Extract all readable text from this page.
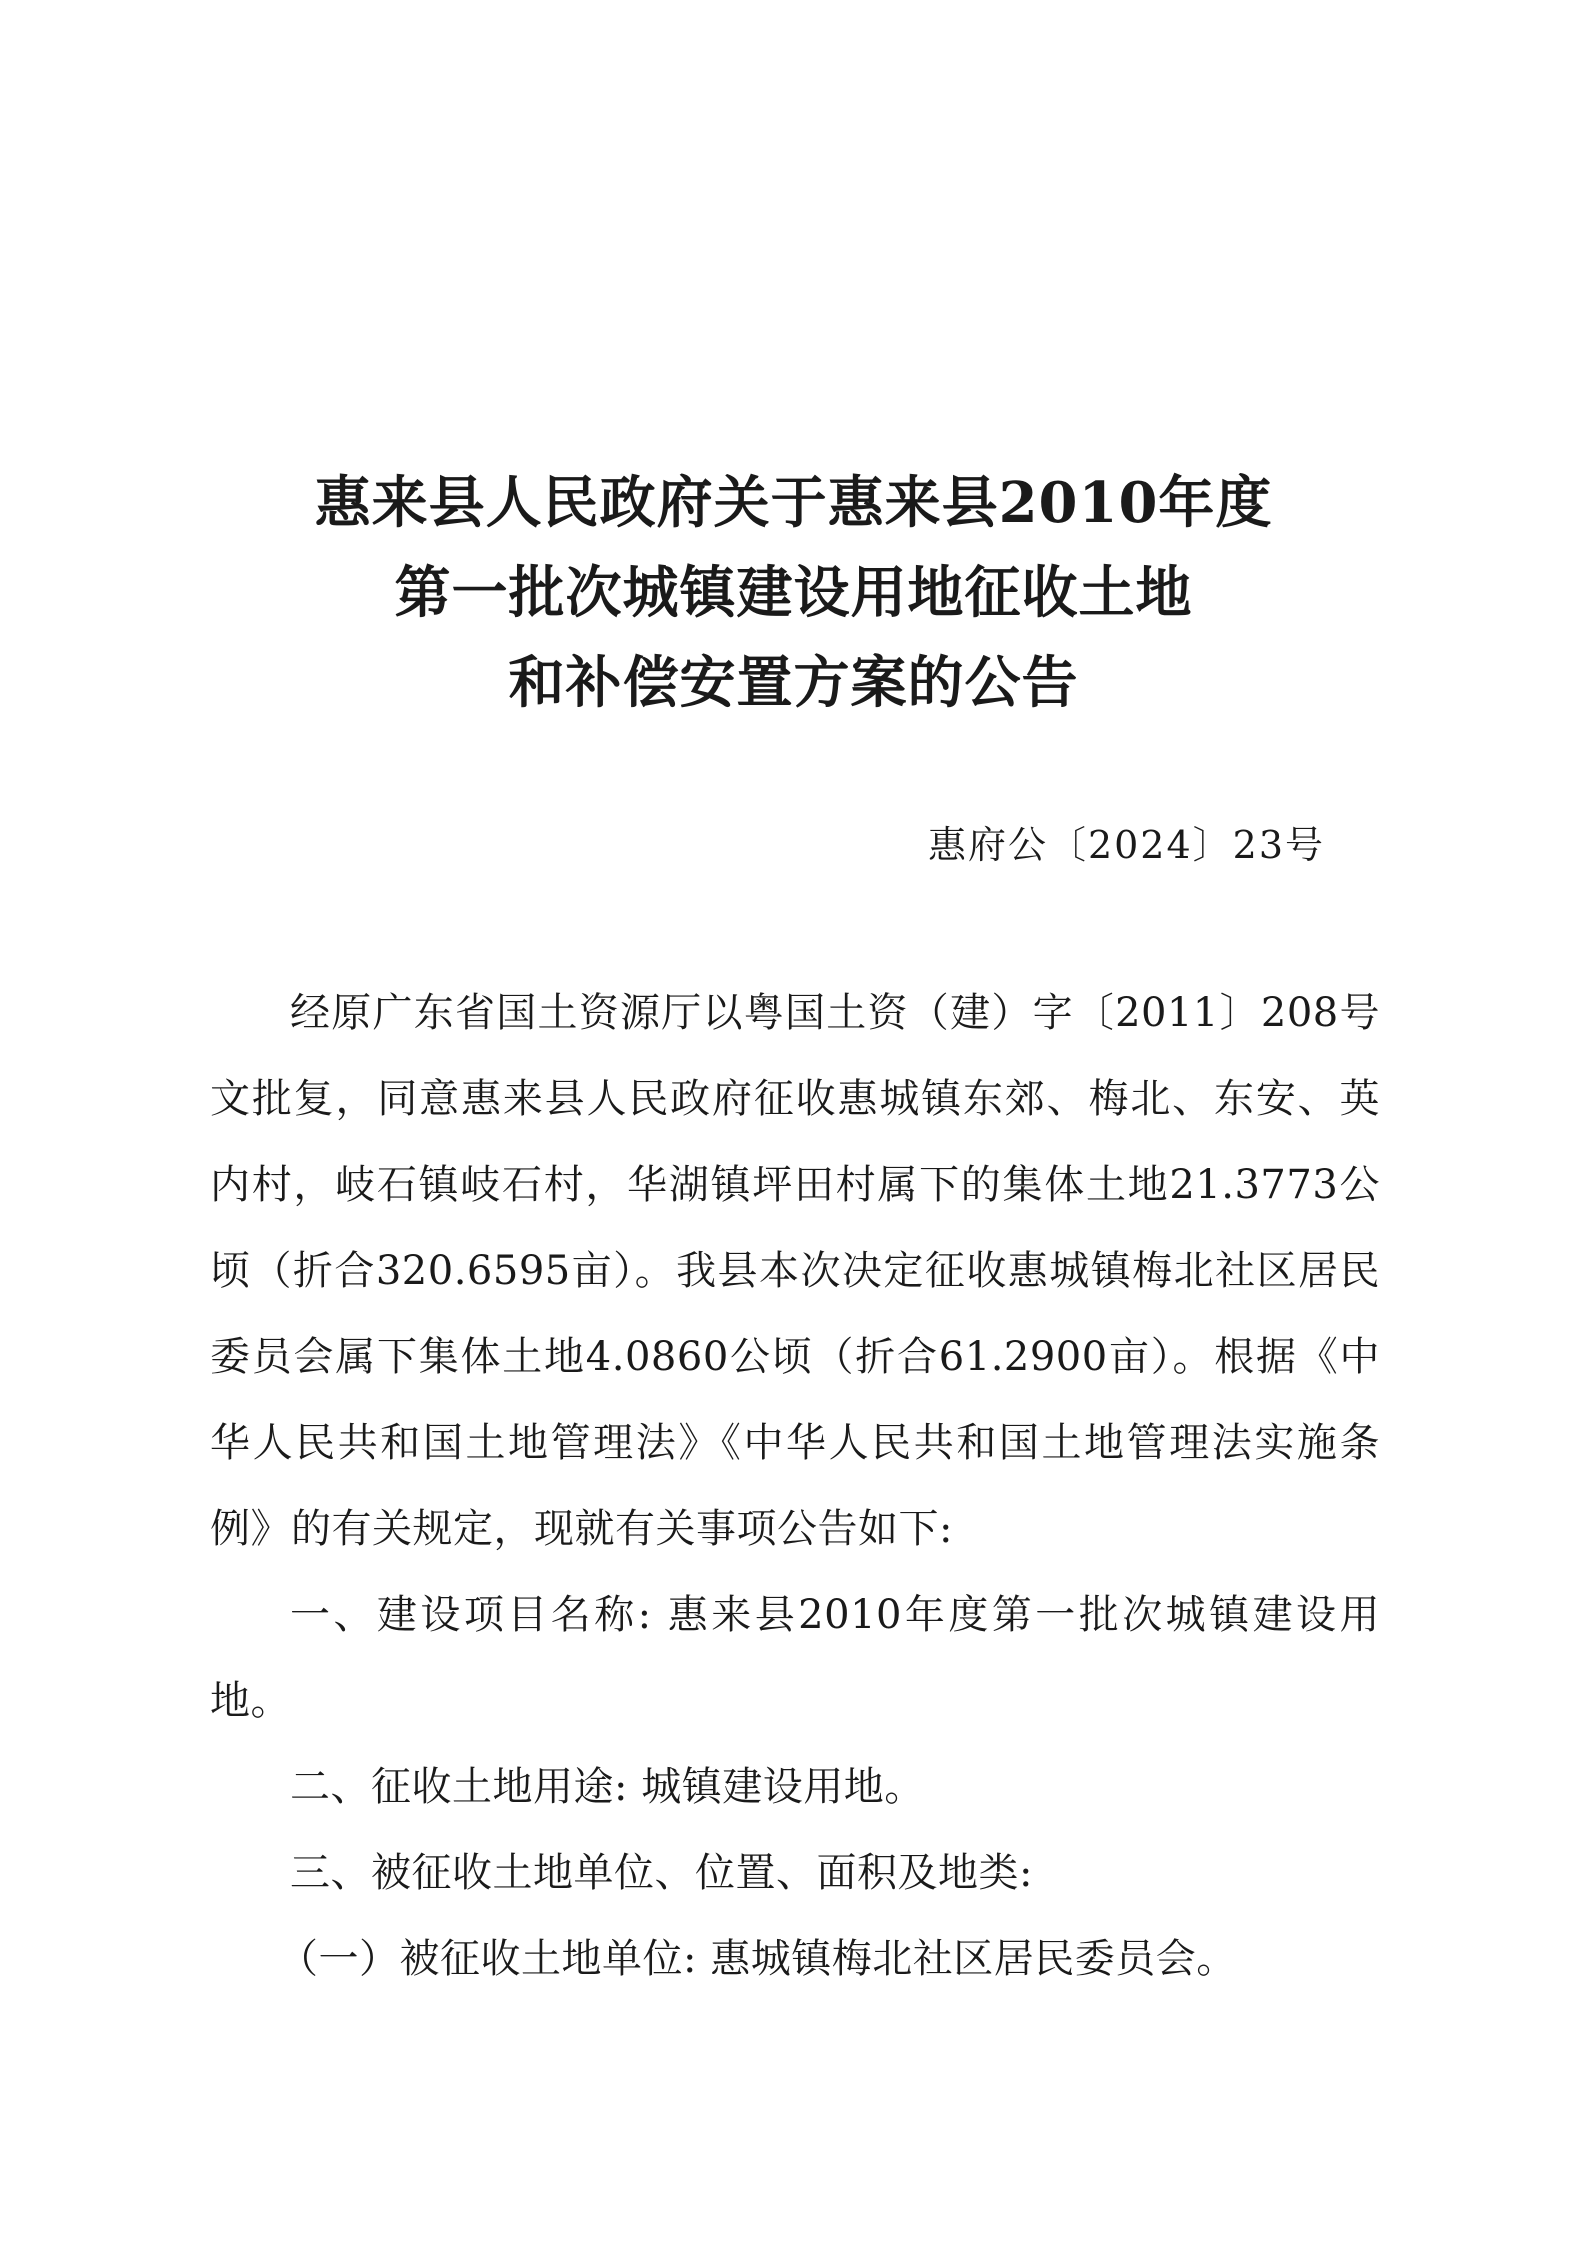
惠来县人民政府关于惠来县2010年度
第一批次城镇建设用地征收土地
和补偿安置方案的公告
惠府公〔2024〕23号

经原广东省国土资源厅以粤国土资（建）字〔2011〕208号文批复，同意惠来县人民政府征收惠城镇东郊、梅北、东安、英内村，岐石镇岐石村，华湖镇坪田村属下的集体土地21.3773公顷（折合320.6595亩）。我县本次决定征收惠城镇梅北社区居民委员会属下集体土地4.0860公顷（折合61.2900亩）。根据《中华人民共和国土地管理法》《中华人民共和国土地管理法实施条例》的有关规定，现就有关事项公告如下:

一、建设项目名称: 惠来县2010年度第一批次城镇建设用地。

二、征收土地用途: 城镇建设用地。

三、被征收土地单位、位置、面积及地类:

（一）被征收土地单位: 惠城镇梅北社区居民委员会。
